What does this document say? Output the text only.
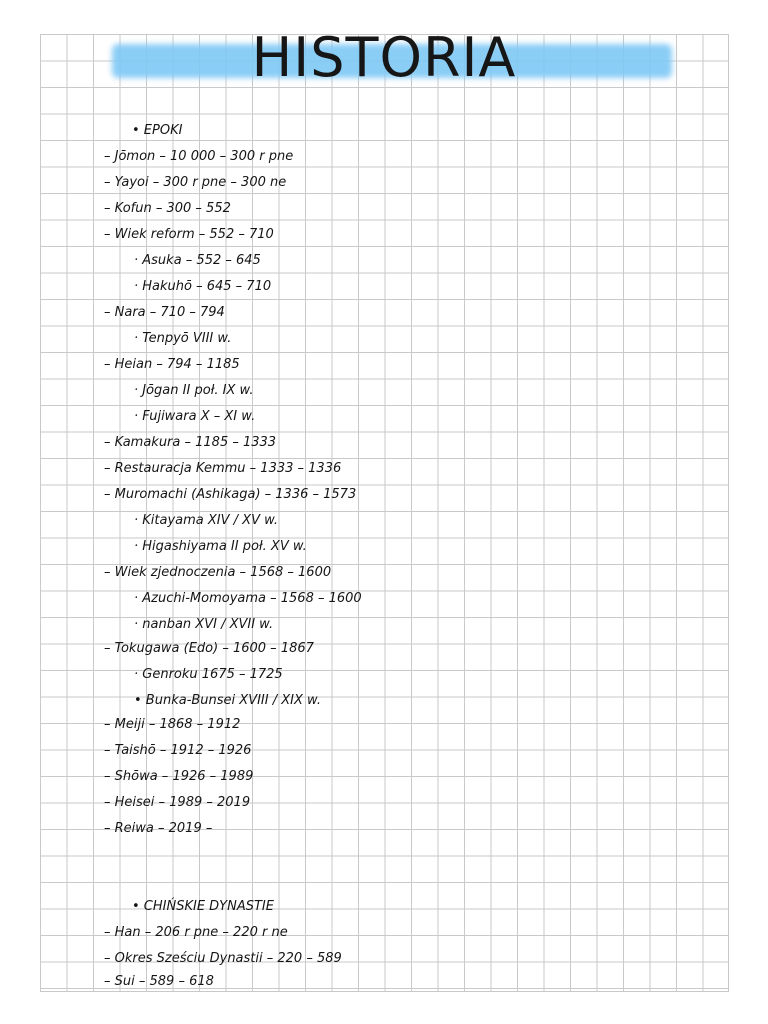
HISTORIA
• EPOKI
– Jōmon – 10 000 – 300 r pne
– Yayoi – 300 r pne – 300 ne
– Kofun – 300 – 552
– Wiek reform – 552 – 710
· Asuka – 552 – 645
· Hakuhō – 645 – 710
– Nara – 710 – 794
· Tenpyō VIII w.
– Heian – 794 – 1185
· Jōgan II poł. IX w.
· Fujiwara X – XI w.
– Kamakura – 1185 – 1333
– Restauracja Kemmu – 1333 – 1336
– Muromachi (Ashikaga) – 1336 – 1573
· Kitayama XIV / XV w.
· Higashiyama II poł. XV w.
– Wiek zjednoczenia – 1568 – 1600
· Azuchi-Momoyama – 1568 – 1600
· nanban XVI / XVII w.
– Tokugawa (Edo) – 1600 – 1867
· Genroku 1675 – 1725
• Bunka-Bunsei XVIII / XIX w.
– Meiji – 1868 – 1912
– Taishō – 1912 – 1926
– Shōwa – 1926 – 1989
– Heisei – 1989 – 2019
– Reiwa – 2019 –
• CHIŃSKIE DYNASTIE
– Han – 206 r pne – 220 r ne
– Okres Sześciu Dynastii – 220 – 589
– Sui – 589 – 618
